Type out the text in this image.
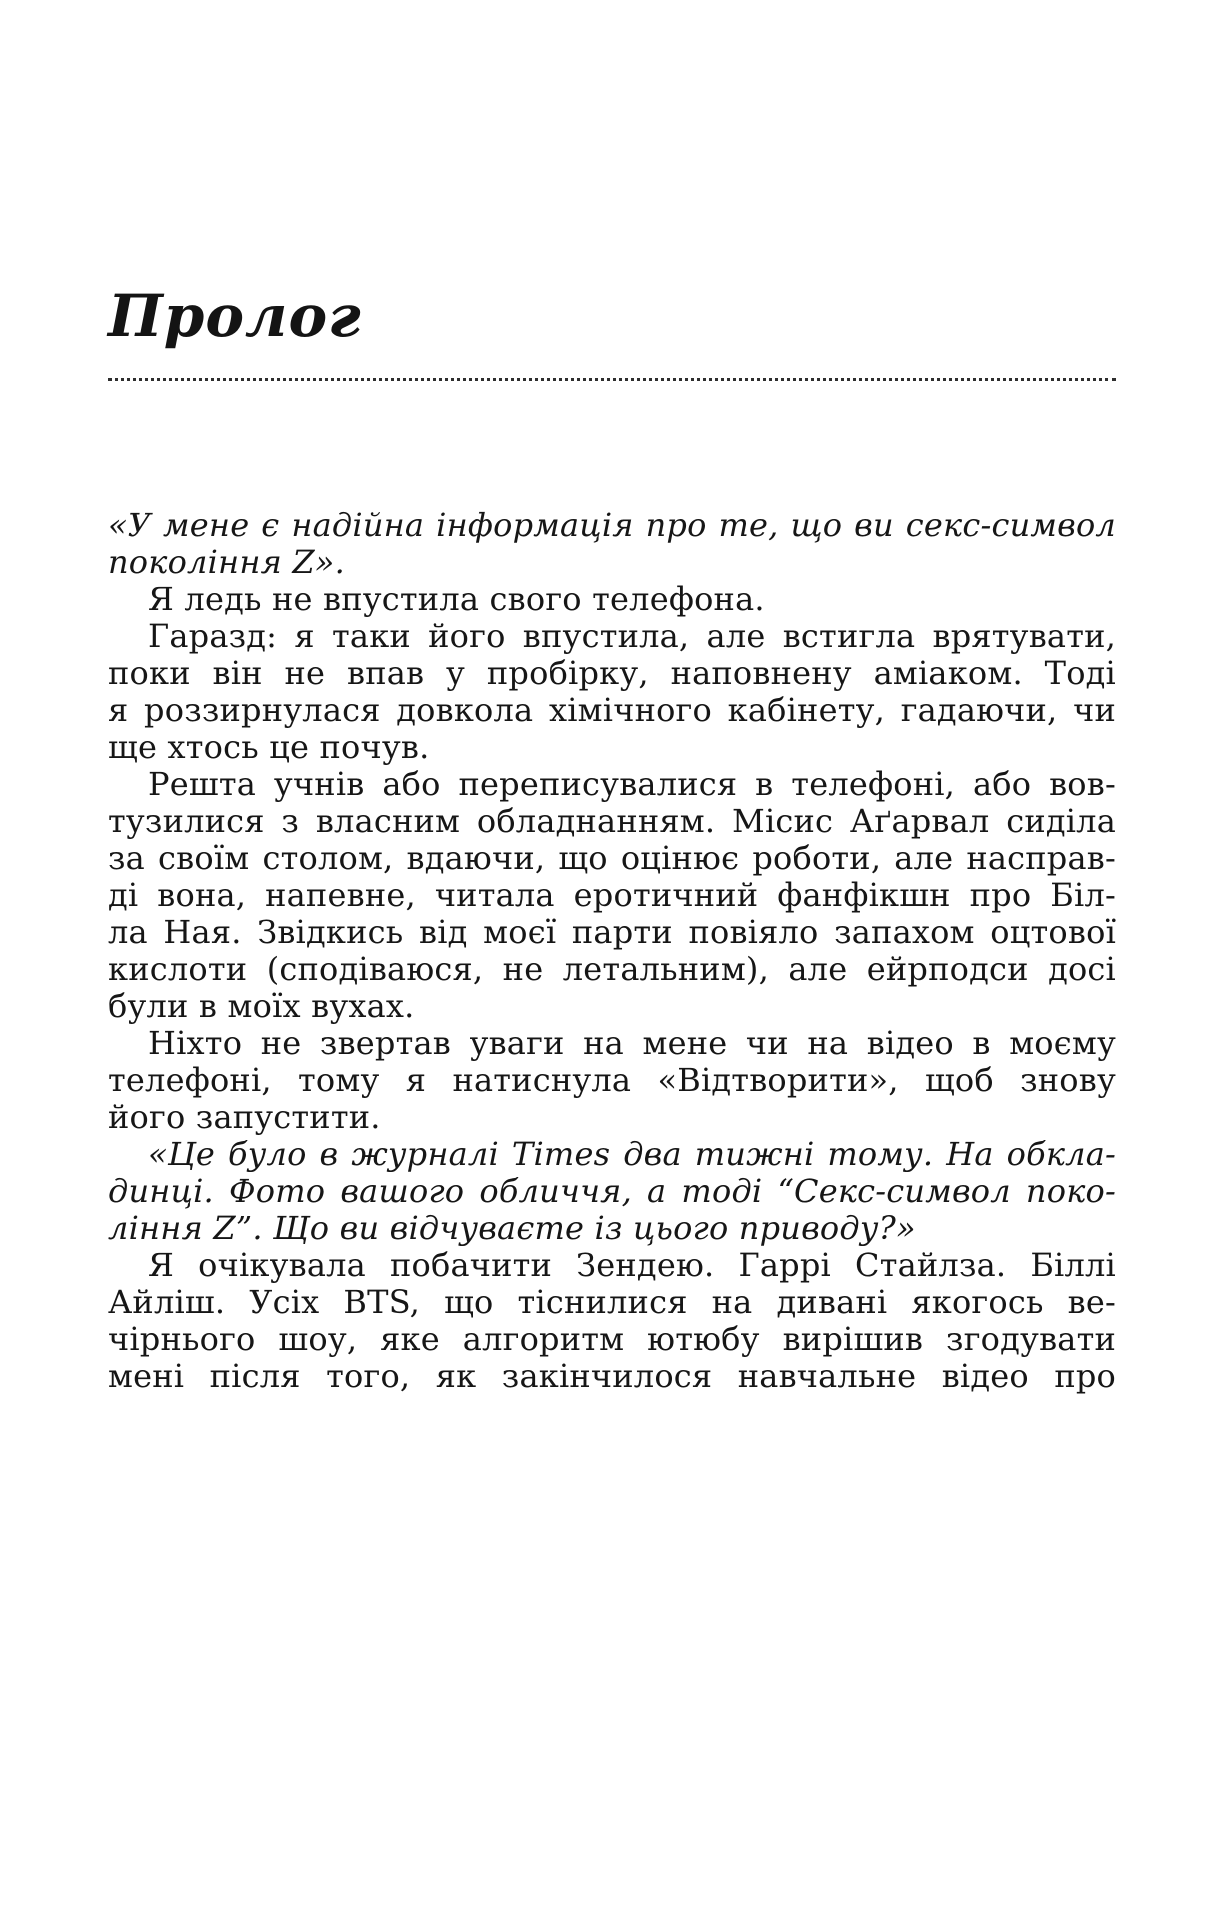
Пролог
«У мене є надійна інформація про те, що ви секс-символ
покоління Z».
Я ледь не впустила свого телефона.
Гаразд: я таки його впустила, але встигла врятувати,
поки він не впав у пробірку, наповнену аміаком. Тоді
я роззирнулася довкола хімічного кабінету, гадаючи, чи
ще хтось це почув.
Решта учнів або переписувалися в телефоні, або вов-
тузилися з власним обладнанням. Місис Аґарвал сиділа
за своїм столом, вдаючи, що оцінює роботи, але насправ-
ді вона, напевне, читала еротичний фанфікшн про Біл-
ла Ная. Звідкись від моєї парти повіяло запахом оцтової
кислоти (сподіваюся, не летальним), але ейрподси досі
були в моїх вухах.
Ніхто не звертав уваги на мене чи на відео в моєму
телефоні, тому я натиснула «Відтворити», щоб знову
його запустити.
«Це було в журналі Times два тижні тому. На обкла-
динці. Фото вашого обличчя, а тоді “Секс-символ поко-
ління Z”. Що ви відчуваєте із цього приводу?»
Я очікувала побачити Зендею. Гаррі Стайлза. Біллі
Айліш. Усіх BTS, що тіснилися на дивані якогось ве-
чірнього шоу, яке алгоритм ютюбу вирішив згодувати
мені після того, як закінчилося навчальне відео про
